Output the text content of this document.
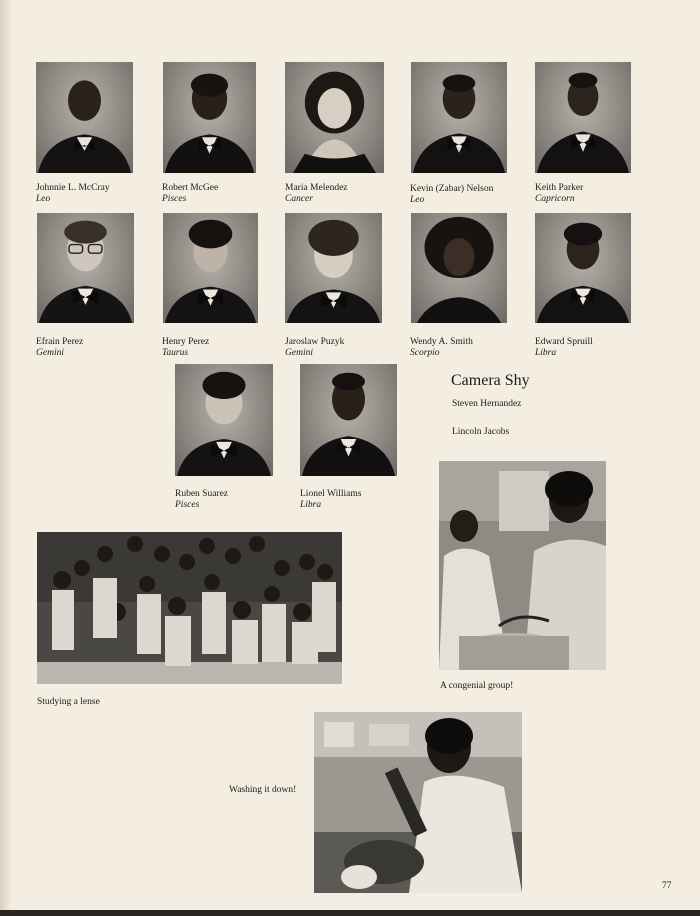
Johnnie L. McCray
Leo
Robert McGee
Pisces
Maria Melendez
Cancer
Kevin (Zabar) Nelson
Leo
Keith Parker
Capricorn
Efrain Perez
Gemini
Henry Perez
Taurus
Jaroslaw Puzyk
Gemini
Wendy A. Smith
Scorpio
Edward Spruill
Libra
Ruben Suarez
Pisces
Lionel Williams
Libra
Camera Shy
Steven Hernandez
Lincoln Jacobs
A congenial group!
Studying a lense
Washing it down!
77
